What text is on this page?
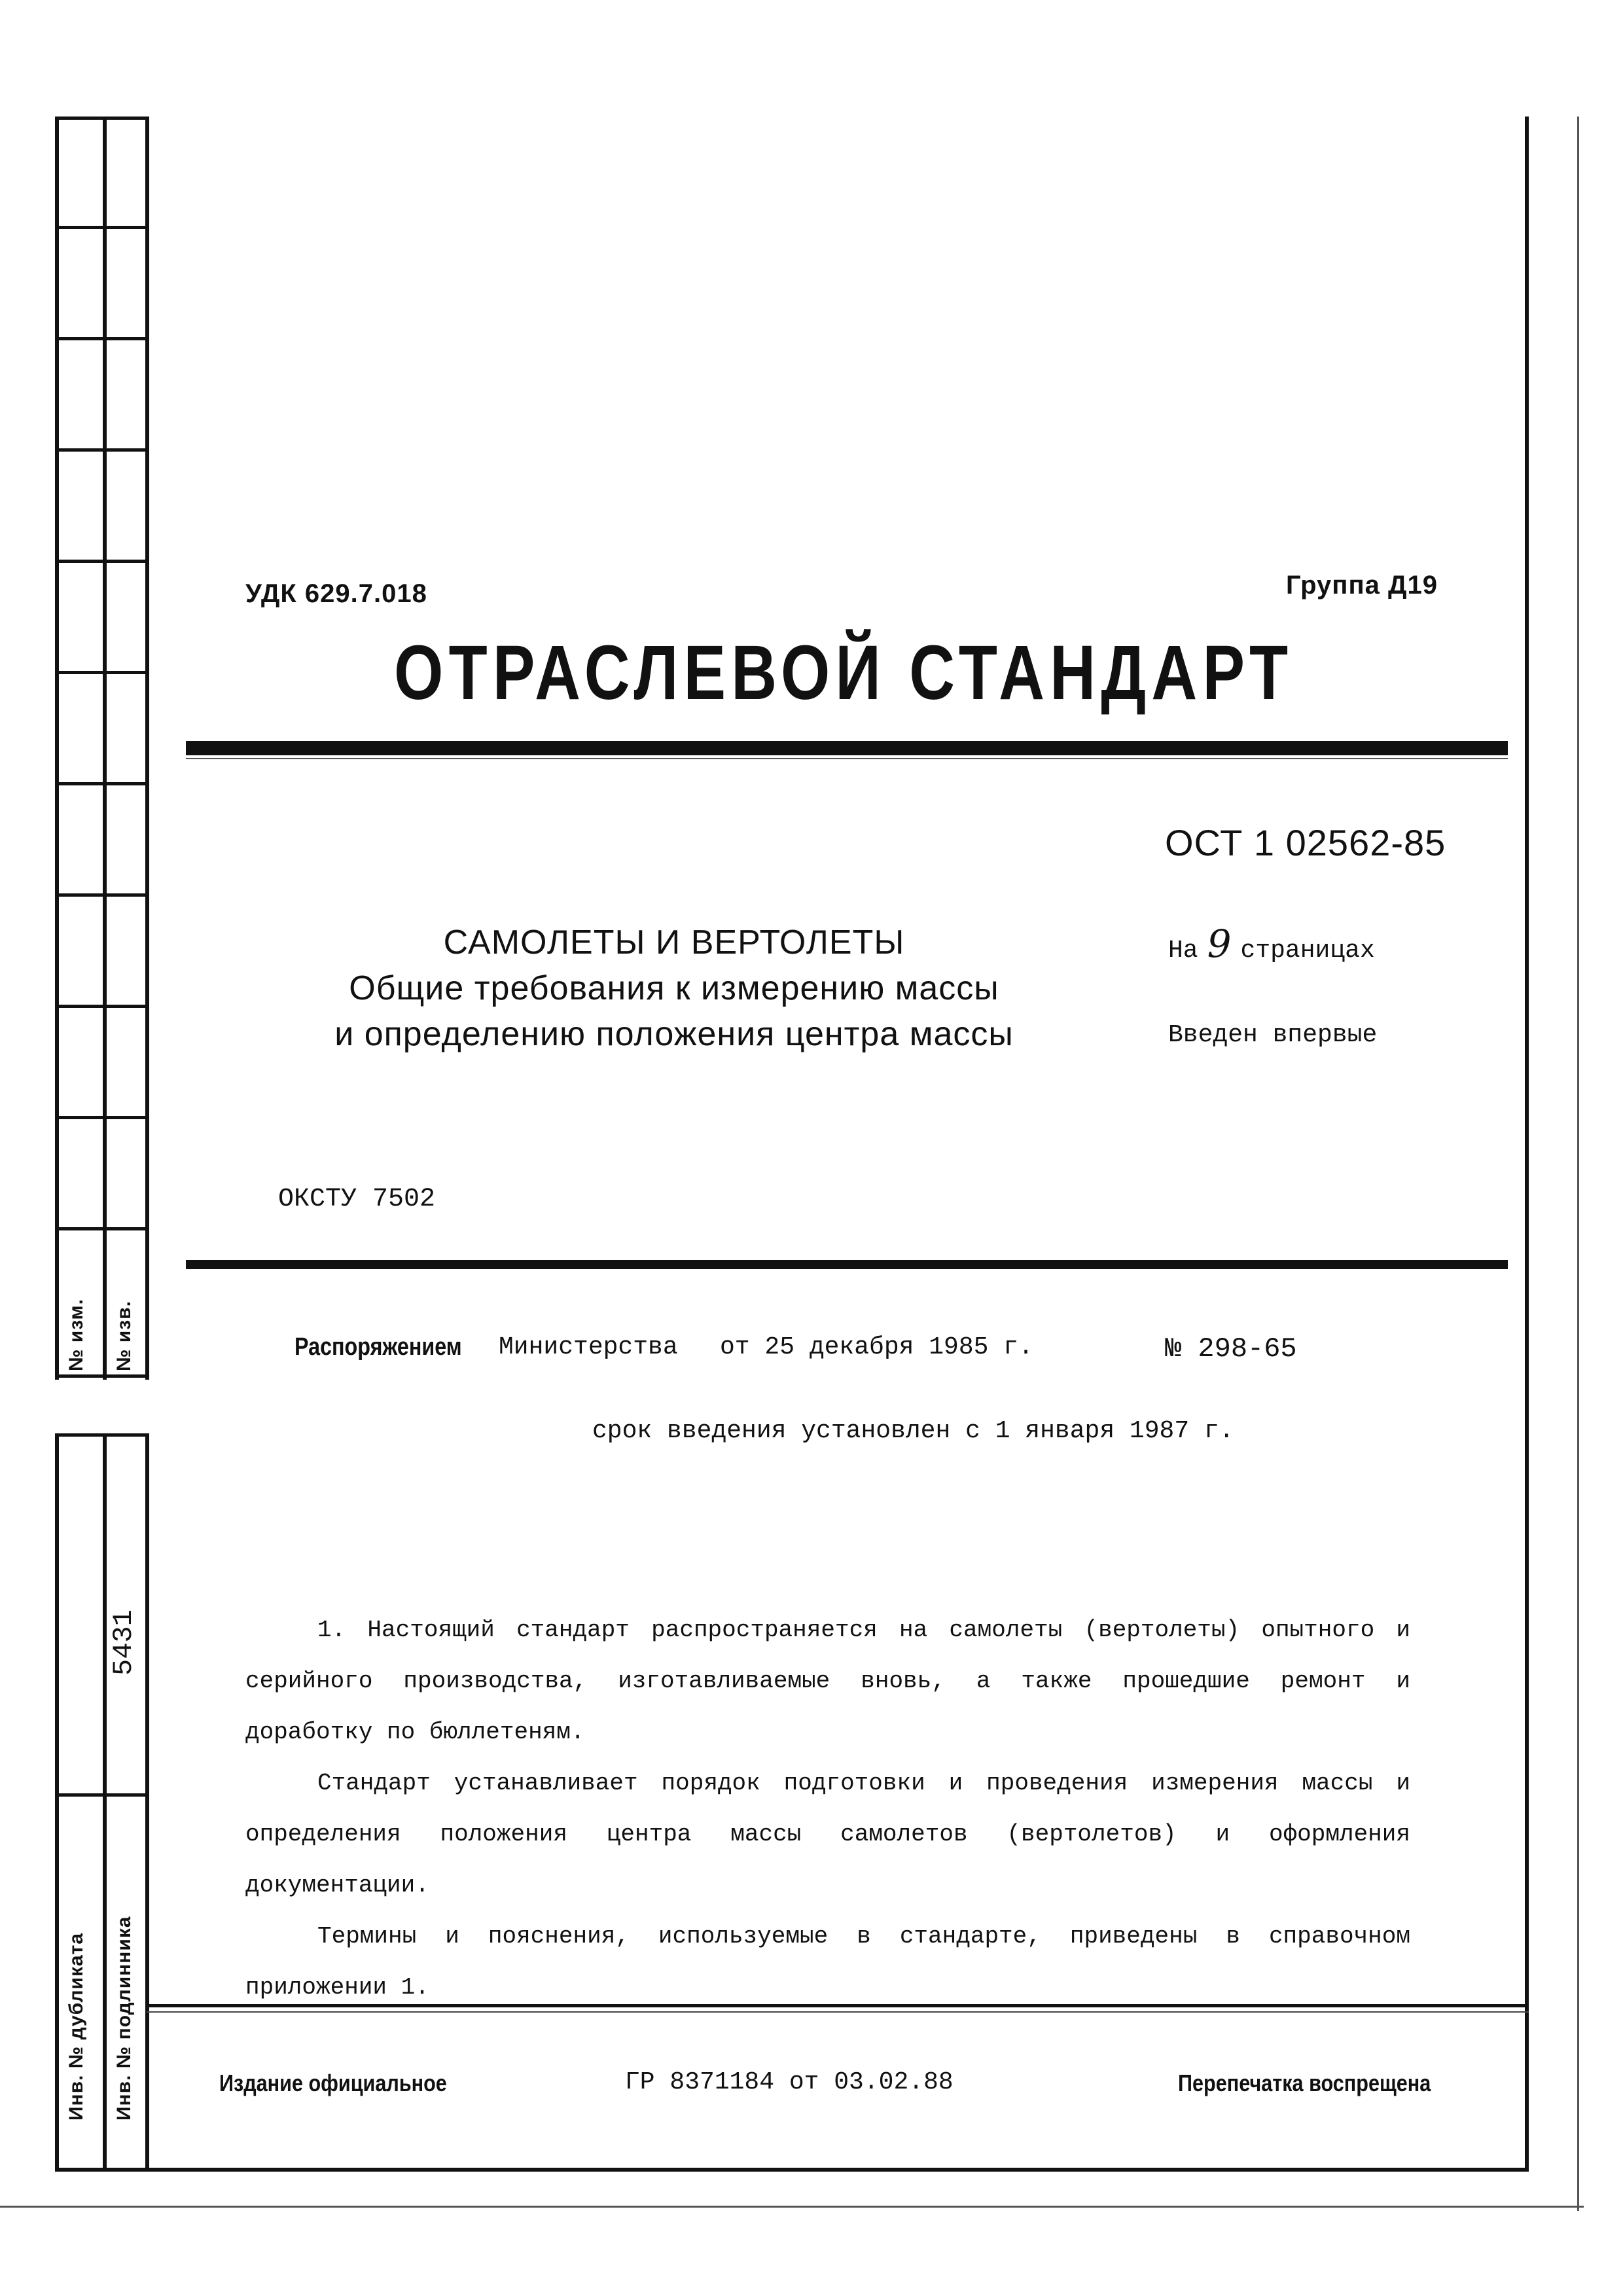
№ изм. № изв.
5431
Инв. № дубликата Инв. № подлинника
УДК 629.7.018	Группа Д19
ОТРАСЛЕВОЙ СТАНДАРТ
ОСТ 1 02562-85
САМОЛЕТЫ И ВЕРТОЛЕТЫ
Общие требования к измерению массы
и определению положения центра массы
На 9 страницах
Введен впервые
ОКСТУ 7502
Распоряжением Министерства от 25 декабря 1985 г.	№ 298-65
срок введения установлен с 1 января 1987 г.
1. Настоящий стандарт распространяется на самолеты (вертолеты) опытного и серийного производства, изготавливаемые вновь, а также прошедшие ремонт и доработку по бюллетеням.
Стандарт устанавливает порядок подготовки и проведения измерения массы и определения положения центра массы самолетов (вертолетов) и оформления документации.
Термины и пояснения, используемые в стандарте, приведены в справочном приложении 1.
Издание официальное	ГР 8371184 от 03.02.88	Перепечатка воспрещена
